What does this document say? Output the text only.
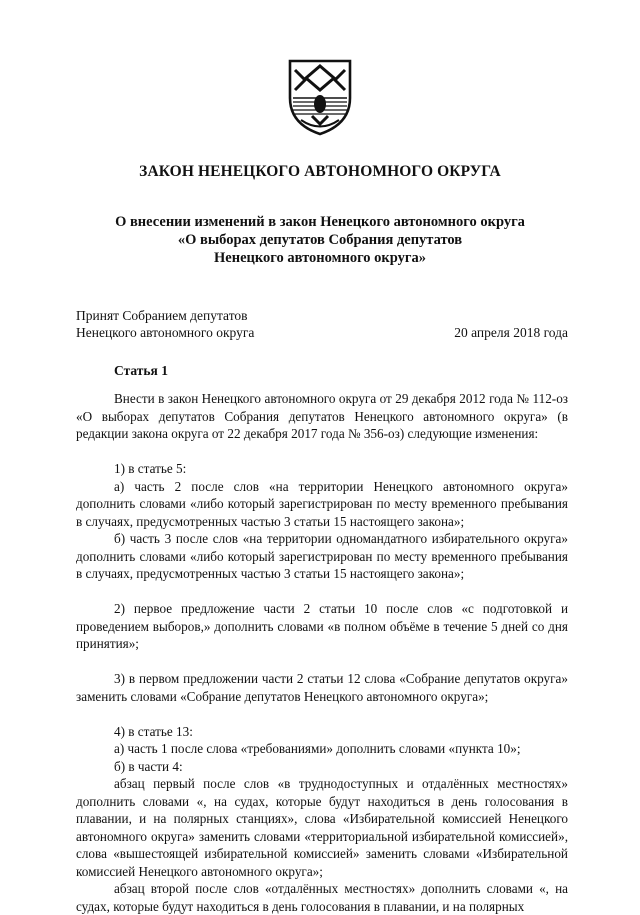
ЗАКОН НЕНЕЦКОГО АВТОНОМНОГО ОКРУГА
О внесении изменений в закон Ненецкого автономного округа
«О выборах депутатов Собрания депутатов
Ненецкого автономного округа»
Принят Собранием депутатов
Ненецкого автономного округа	20 апреля 2018 года
Статья 1

Внести в закон Ненецкого автономного округа от 29 декабря 2012 года № 112-оз «О выборах депутатов Собрания депутатов Ненецкого автономного округа» (в редакции закона округа от 22 декабря 2017 года № 356-оз) следующие изменения:

1) в статье 5:

а) часть 2 после слов «на территории Ненецкого автономного округа» дополнить словами «либо который зарегистрирован по месту временного пребывания в случаях, предусмотренных частью 3 статьи 15 настоящего закона»;

б) часть 3 после слов «на территории одномандатного избирательного округа» дополнить словами «либо который зарегистрирован по месту временного пребывания в случаях, предусмотренных частью 3 статьи 15 настоящего закона»;

2) первое предложение части 2 статьи 10 после слов «с подготовкой и проведением выборов,» дополнить словами «в полном объёме в течение 5 дней со дня принятия»;

3) в первом предложении части 2 статьи 12 слова «Собрание депутатов округа» заменить словами «Собрание депутатов Ненецкого автономного округа»;

4) в статье 13:

а) часть 1 после слова «требованиями» дополнить словами «пункта 10»;

б) в части 4:

абзац первый после слов «в труднодоступных и отдалённых местностях» дополнить словами «, на судах, которые будут находиться в день голосования в плавании, и на полярных станциях», слова «Избирательной комиссией Ненецкого автономного округа» заменить словами «территориальной избирательной комиссией», слова «вышестоящей избирательной комиссией» заменить словами «Избирательной комиссией Ненецкого автономного округа»;

абзац второй после слов «отдалённых местностях» дополнить словами «, на судах, которые будут находиться в день голосования в плавании, и на полярных
